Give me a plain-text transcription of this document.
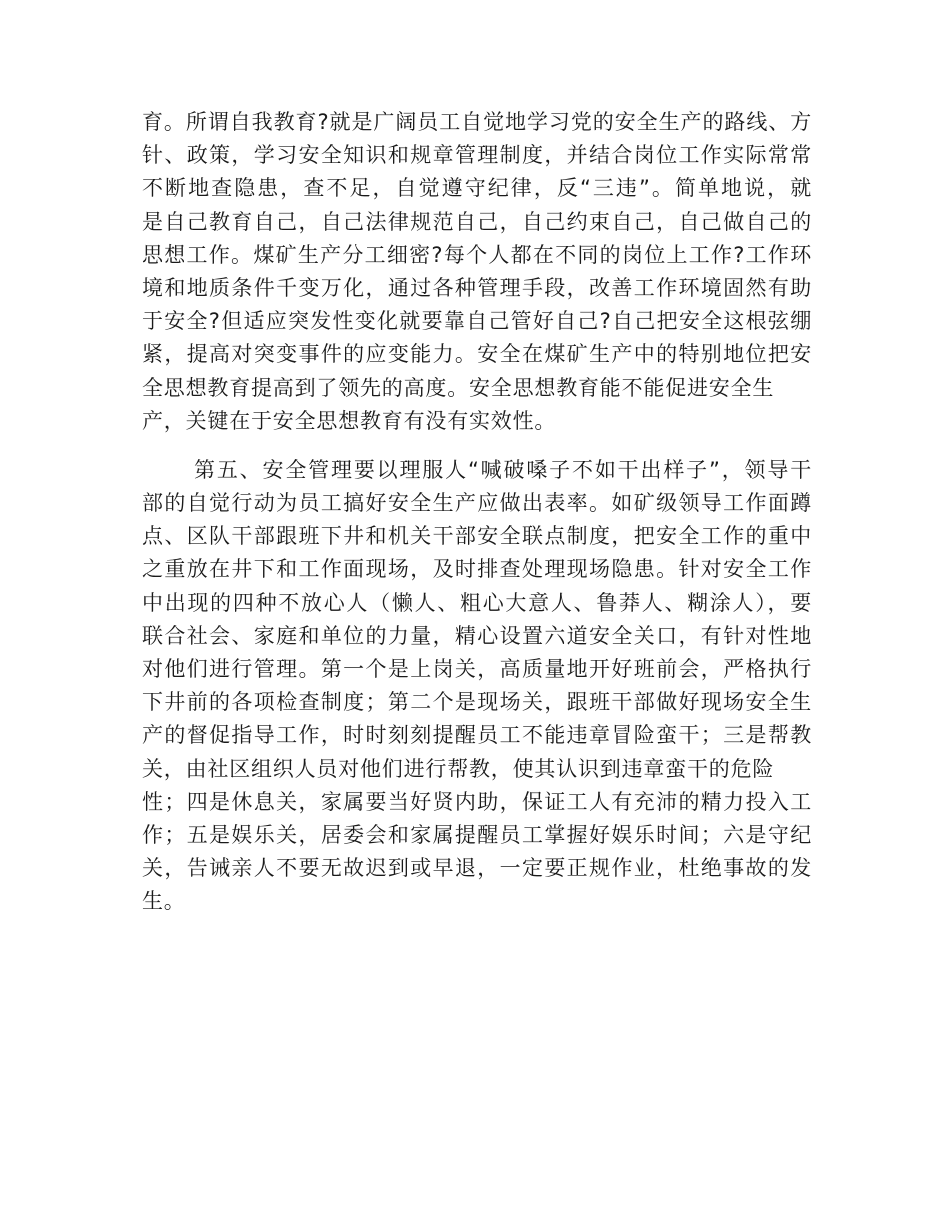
育。所谓自我教育?就是广阔员工自觉地学习党的安全生产的路线、方
针、政策，学习安全知识和规章管理制度，并结合岗位工作实际常常
不断地查隐患，查不足，自觉遵守纪律，反“三违”。简单地说，就
是自己教育自己，自己法律规范自己，自己约束自己，自己做自己的
思想工作。煤矿生产分工细密?每个人都在不同的岗位上工作?工作环
境和地质条件千变万化，通过各种管理手段，改善工作环境固然有助
于安全?但适应突发性变化就要靠自己管好自己?自己把安全这根弦绷
紧，提高对突变事件的应变能力。安全在煤矿生产中的特别地位把安
全思想教育提高到了领先的高度。安全思想教育能不能促进安全生
产，关键在于安全思想教育有没有实效性。
第五、安全管理要以理服人“喊破嗓子不如干出样子”，领导干
部的自觉行动为员工搞好安全生产应做出表率。如矿级领导工作面蹲
点、区队干部跟班下井和机关干部安全联点制度，把安全工作的重中
之重放在井下和工作面现场，及时排查处理现场隐患。针对安全工作
中出现的四种不放心人（懒人、粗心大意人、鲁莽人、糊涂人），要
联合社会、家庭和单位的力量，精心设置六道安全关口，有针对性地
对他们进行管理。第一个是上岗关，高质量地开好班前会，严格执行
下井前的各项检查制度；第二个是现场关，跟班干部做好现场安全生
产的督促指导工作，时时刻刻提醒员工不能违章冒险蛮干；三是帮教
关，由社区组织人员对他们进行帮教，使其认识到违章蛮干的危险
性；四是休息关，家属要当好贤内助，保证工人有充沛的精力投入工
作；五是娱乐关，居委会和家属提醒员工掌握好娱乐时间；六是守纪
关，告诫亲人不要无故迟到或早退，一定要正规作业，杜绝事故的发
生。
